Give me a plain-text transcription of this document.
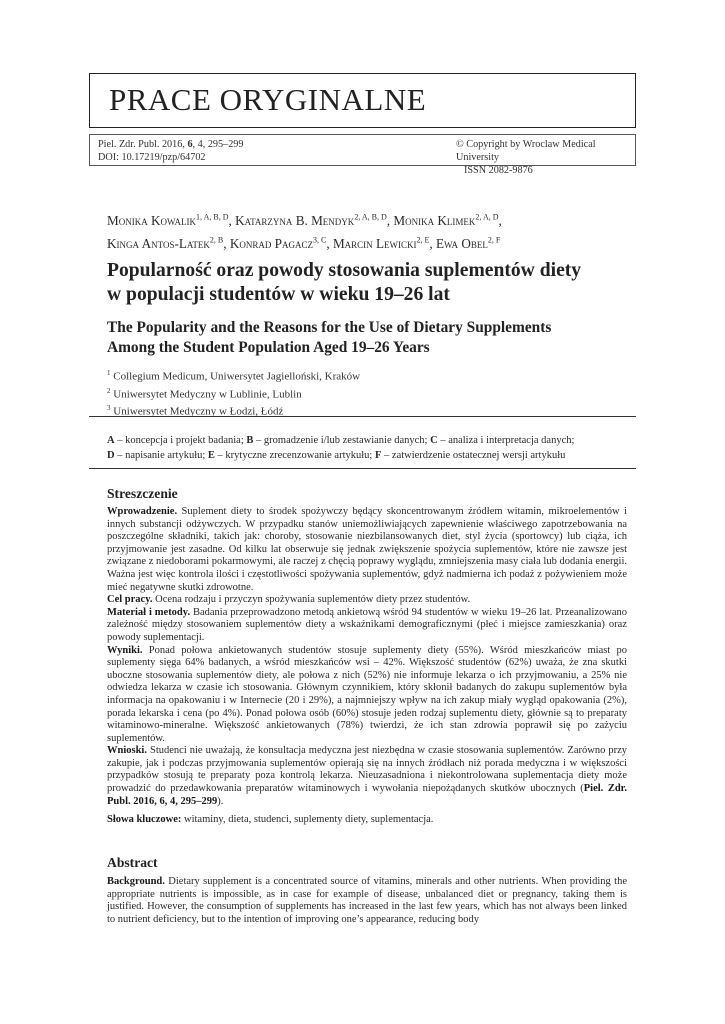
PRACE ORYGINALNE
Piel. Zdr. Publ. 2016, 6, 4, 295–299
DOI: 10.17219/pzp/64702
© Copyright by Wroclaw Medical University
ISSN 2082-9876
Monika Kowalik$^{1, A, B, D}$, Katarzyna B. Mendyk$^{2, A, B, D}$, Monika Klimek$^{2, A, D}$,
Kinga Antos-Latek$^{2, B}$, Konrad Pagacz$^{3, C}$, Marcin Lewicki$^{2, E}$, Ewa Obel$^{2, F}$
Popularność oraz powody stosowania suplementów diety
w populacji studentów w wieku 19–26 lat
The Popularity and the Reasons for the Use of Dietary Supplements
Among the Student Population Aged 19–26 Years
$^1$ Collegium Medicum, Uniwersytet Jagielloński, Kraków
$^2$ Uniwersytet Medyczny w Lublinie, Lublin
$^3$ Uniwersytet Medyczny w Łodzi, Łódź
A – koncepcja i projekt badania; B – gromadzenie i/lub zestawianie danych; C – analiza i interpretacja danych;
D – napisanie artykułu; E – krytyczne zrecenzowanie artykułu; F – zatwierdzenie ostatecznej wersji artykułu
Streszczenie

Wprowadzenie. Suplement diety to środek spożywczy będący skoncentrowanym źródłem witamin, mikroelementów i innych substancji odżywczych. W przypadku stanów uniemożliwiających zapewnienie właściwego zapotrzebowania na poszczególne składniki, takich jak: choroby, stosowanie niezbilansowanych diet, styl życia (sportowcy) lub ciąża, ich przyjmowanie jest zasadne. Od kilku lat obserwuje się jednak zwiększenie spożycia suplementów, które nie zawsze jest związane z niedoborami pokarmowymi, ale raczej z chęcią poprawy wyglądu, zmniejszenia masy ciała lub dodania energii. Ważna jest więc kontrola ilości i częstotliwości spożywania suplementów, gdyż nadmierna ich podaż z pożywieniem może mieć negatywne skutki zdrowotne.

Cel pracy. Ocena rodzaju i przyczyn spożywania suplementów diety przez studentów.

Materiał i metody. Badania przeprowadzono metodą ankietową wśród 94 studentów w wieku 19–26 lat. Przeanalizowano zależność między stosowaniem suplementów diety a wskaźnikami demograficznymi (płeć i miejsce zamieszkania) oraz powody suplementacji.

Wyniki. Ponad połowa ankietowanych studentów stosuje suplementy diety (55%). Wśród mieszkańców miast po suplementy sięga 64% badanych, a wśród mieszkańców wsi – 42%. Większość studentów (62%) uważa, że zna skutki uboczne stosowania suplementów diety, ale połowa z nich (52%) nie informuje lekarza o ich przyjmowaniu, a 25% nie odwiedza lekarza w czasie ich stosowania. Głównym czynnikiem, który skłonił badanych do zakupu suplementów była informacja na opakowaniu i w Internecie (20 i 29%), a najmniejszy wpływ na ich zakup miały wygląd opakowania (2%), porada lekarska i cena (po 4%). Ponad połowa osób (60%) stosuje jeden rodzaj suplementu diety, głównie są to preparaty witaminowo-mineralne. Większość ankietowanych (78%) twierdzi, że ich stan zdrowia poprawił się po zażyciu suplementów.

Wnioski. Studenci nie uważają, że konsultacja medyczna jest niezbędna w czasie stosowania suplementów. Zarówno przy zakupie, jak i podczas przyjmowania suplementów opierają się na innych źródłach niż porada medyczna i w większości przypadków stosują te preparaty poza kontrolą lekarza. Nieuzasadniona i niekontrolowana suplementacja diety może prowadzić do przedawkowania preparatów witaminowych i wywołania niepożądanych skutków ubocznych (Piel. Zdr. Publ. 2016, 6, 4, 295–299).

Słowa kluczowe: witaminy, dieta, studenci, suplementy diety, suplementacja.

Abstract

Background. Dietary supplement is a concentrated source of vitamins, minerals and other nutrients. When providing the appropriate nutrients is impossible, as in case for example of disease, unbalanced diet or pregnancy, taking them is justified. However, the consumption of supplements has increased in the last few years, which has not always been linked to nutrient deficiency, but to the intention of improving one’s appearance, reducing body
